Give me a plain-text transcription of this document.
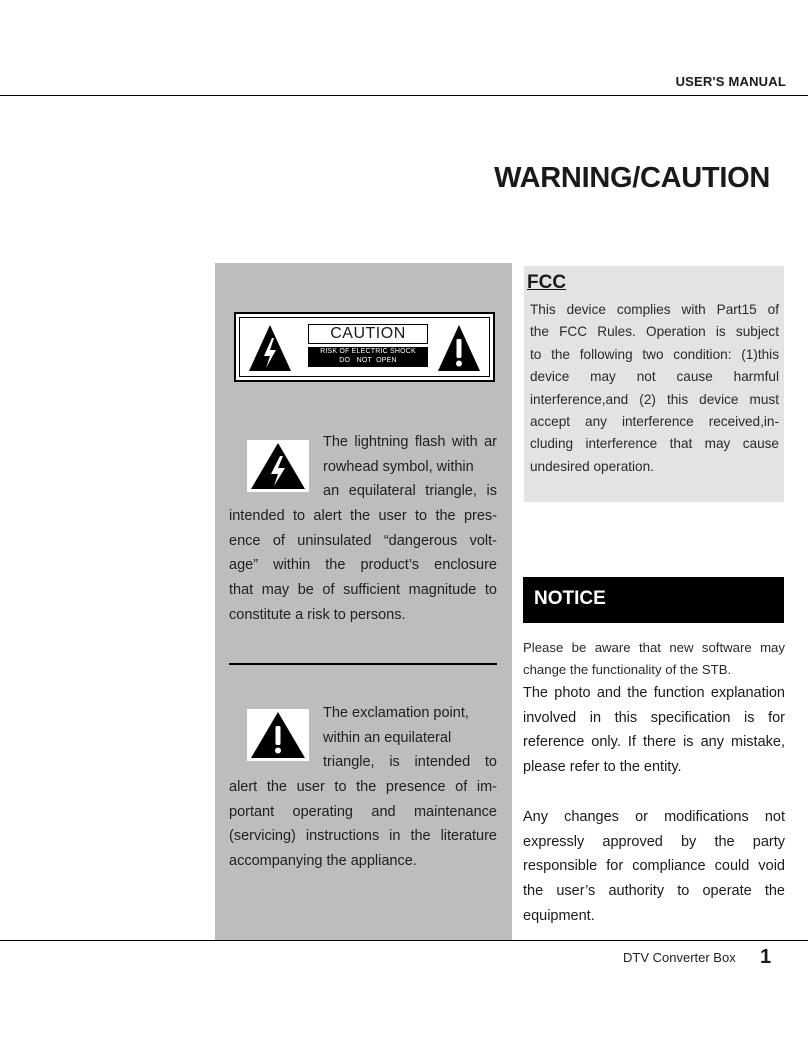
USER'S MANUAL
WARNING/CAUTION
CAUTION
RISK OF ELECTRIC SHOCK
DO   NOT  OPEN
The lightning flash with ar
rowhead symbol, within
an equilateral triangle, is
intended to alert the user to the pres-
ence of uninsulated “dangerous volt-
age” within the product’s enclosure
that may be of sufficient magnitude to
constitute a risk to persons.
The exclamation point,
within an equilateral
triangle, is intended to
alert the user to the presence of im-
portant operating and maintenance
(servicing) instructions in the literature
accompanying the appliance.
FCC
This device complies with Part15 of
the FCC Rules. Operation is subject
to the following two condition: (1)this
device may not cause harmful
interference,and (2) this device must
accept any interference received,in-
cluding interference that may cause
undesired operation.
NOTICE
Please be aware that new software may
change the functionality of the STB.
The photo and the function explanation
involved in this specification is for
reference only. If there is any mistake,
please refer to the entity.
Any changes or modifications not
expressly approved by the party
responsible for compliance could void
the user’s authority to operate the
equipment.
DTV Converter Box 1
